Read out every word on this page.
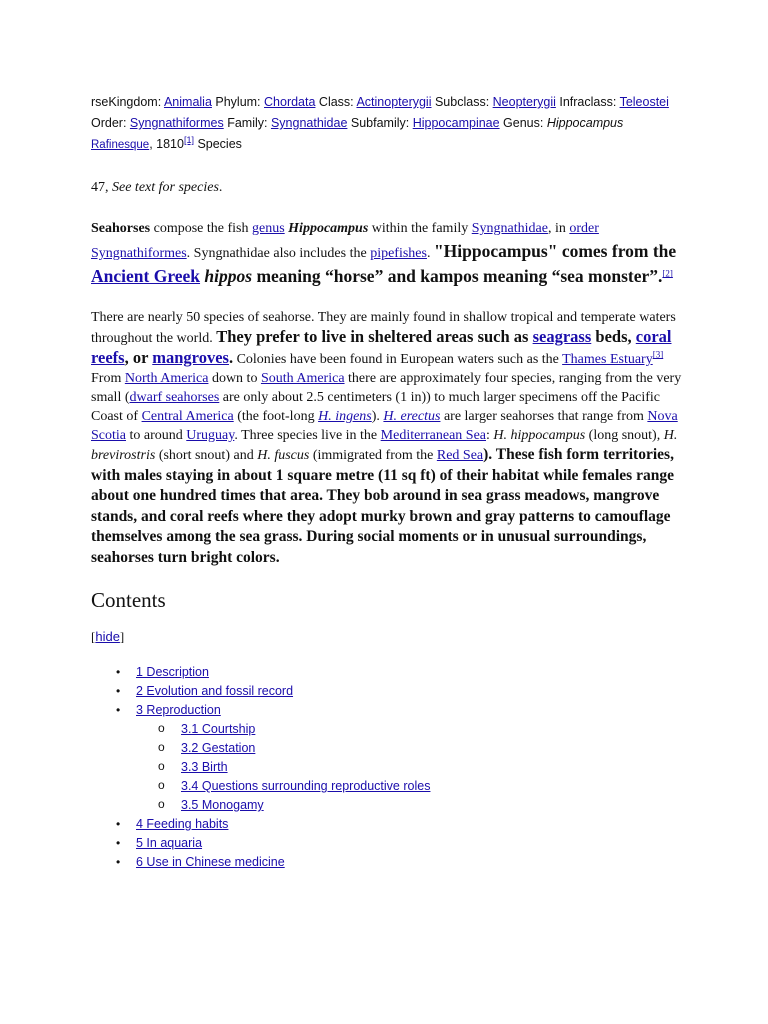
rseKingdom: Animalia Phylum: Chordata Class: Actinopterygii Subclass: Neopterygii Infraclass: Teleostei
Order: Syngnathiformes Family: Syngnathidae Subfamily: Hippocampinae Genus: Hippocampus
Rafinesque, 1810[1] Species

47, See text for species.

Seahorses compose the fish genus Hippocampus within the family Syngnathidae, in order Syngnathiformes. Syngnathidae also includes the pipefishes. "Hippocampus" comes from the Ancient Greek hippos meaning “horse” and kampos meaning “sea monster”.[2]

There are nearly 50 species of seahorse. They are mainly found in shallow tropical and temperate waters throughout the world. They prefer to live in sheltered areas such as seagrass beds, coral reefs, or mangroves. Colonies have been found in European waters such as the Thames Estuary[3] From North America down to South America there are approximately four species, ranging from the very small (dwarf seahorses are only about 2.5 centimeters (1 in)) to much larger specimens off the Pacific Coast of Central America (the foot-long H. ingens). H. erectus are larger seahorses that range from Nova Scotia to around Uruguay. Three species live in the Mediterranean Sea: H. hippocampus (long snout), H. brevirostris (short snout) and H. fuscus (immigrated from the Red Sea). These fish form territories, with males staying in about 1 square metre (11 sq ft) of their habitat while females range about one hundred times that area. They bob around in sea grass meadows, mangrove stands, and coral reefs where they adopt murky brown and gray patterns to camouflage themselves among the sea grass. During social moments or in unusual surroundings, seahorses turn bright colors.

Contents

[hide]

• 1 Description
• 2 Evolution and fossil record
• 3 Reproduction
o 3.1 Courtship
o 3.2 Gestation
o 3.3 Birth
o 3.4 Questions surrounding reproductive roles
o 3.5 Monogamy
• 4 Feeding habits
• 5 In aquaria
• 6 Use in Chinese medicine
